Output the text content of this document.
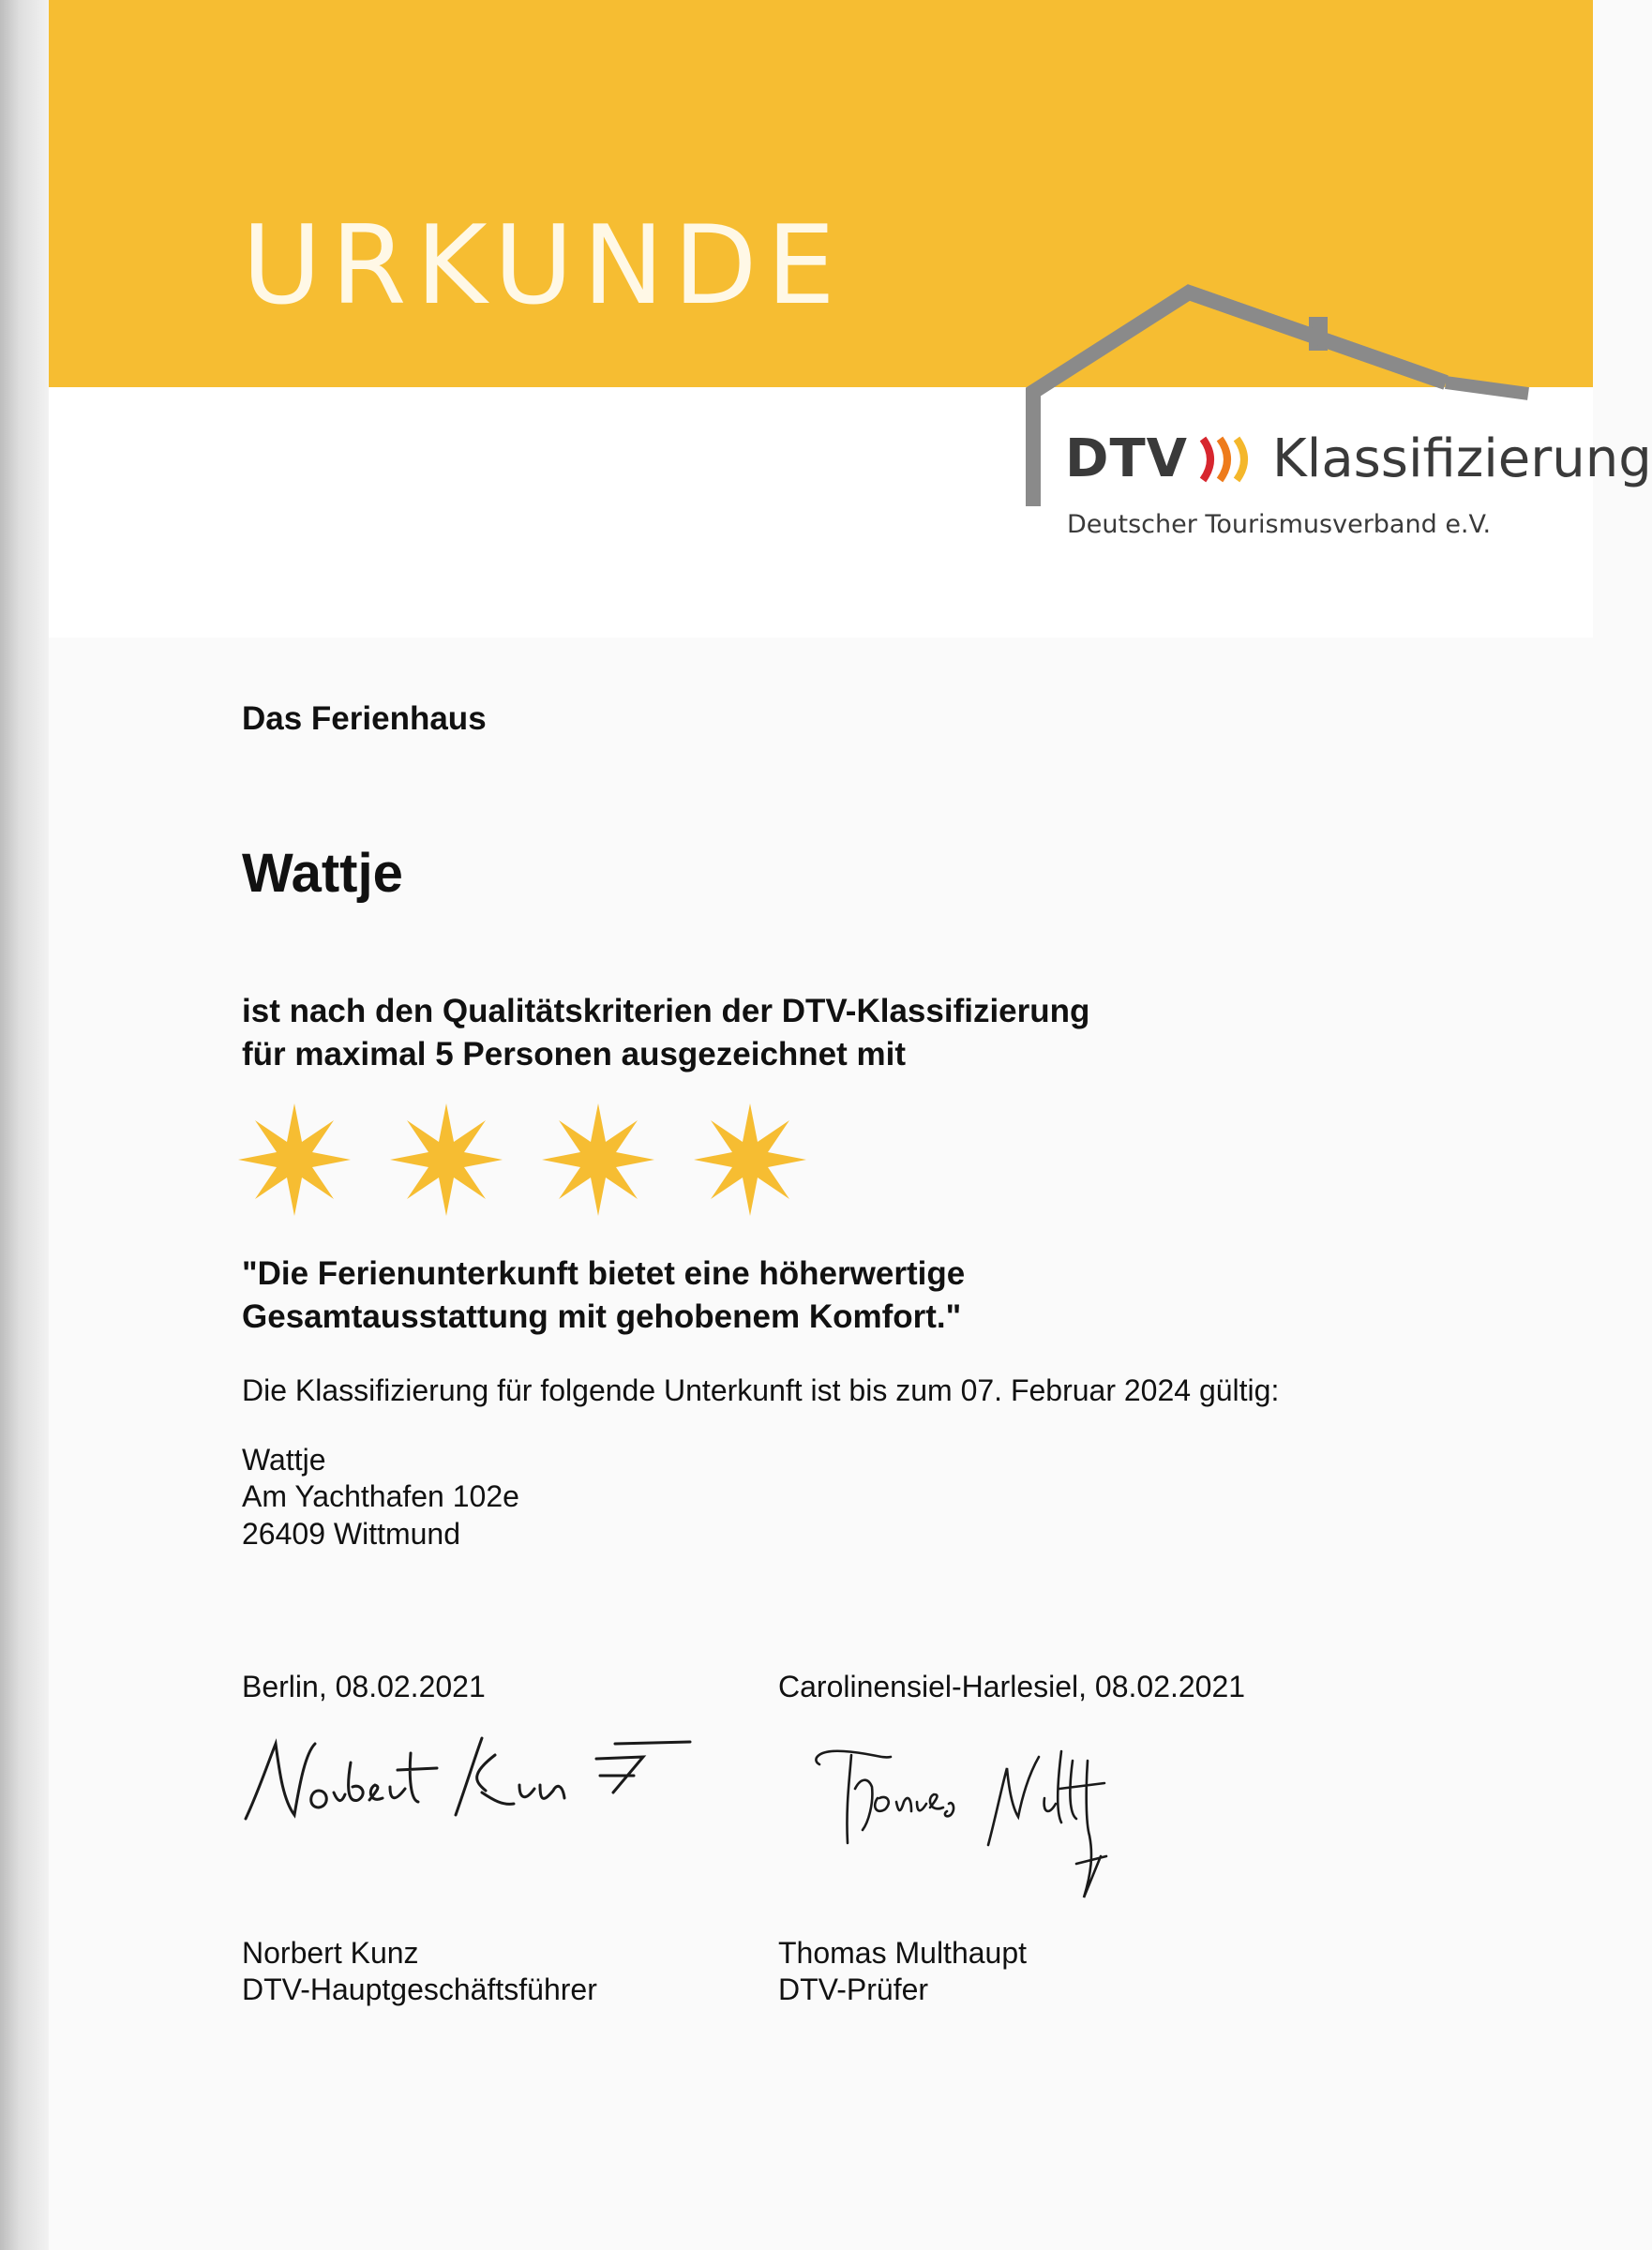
URKUNDE
DTV Klassifizierung
Deutscher Tourismusverband e.V.

Das Ferienhaus

Wattje

ist nach den Qualitätskriterien der DTV-Klassifizierung

für maximal 5 Personen ausgezeichnet mit

"Die Ferienunterkunft bietet eine höherwertige

Gesamtausstattung mit gehobenem Komfort."

Die Klassifizierung für folgende Unterkunft ist bis zum 07. Februar 2024 gültig:

Wattje

Am Yachthafen 102e

26409 Wittmund

Berlin, 08.02.2021	Carolinensiel-Harlesiel, 08.02.2021

Norbert Kunz

DTV-Hauptgeschäftsführer

Thomas Multhaupt

DTV-Prüfer
